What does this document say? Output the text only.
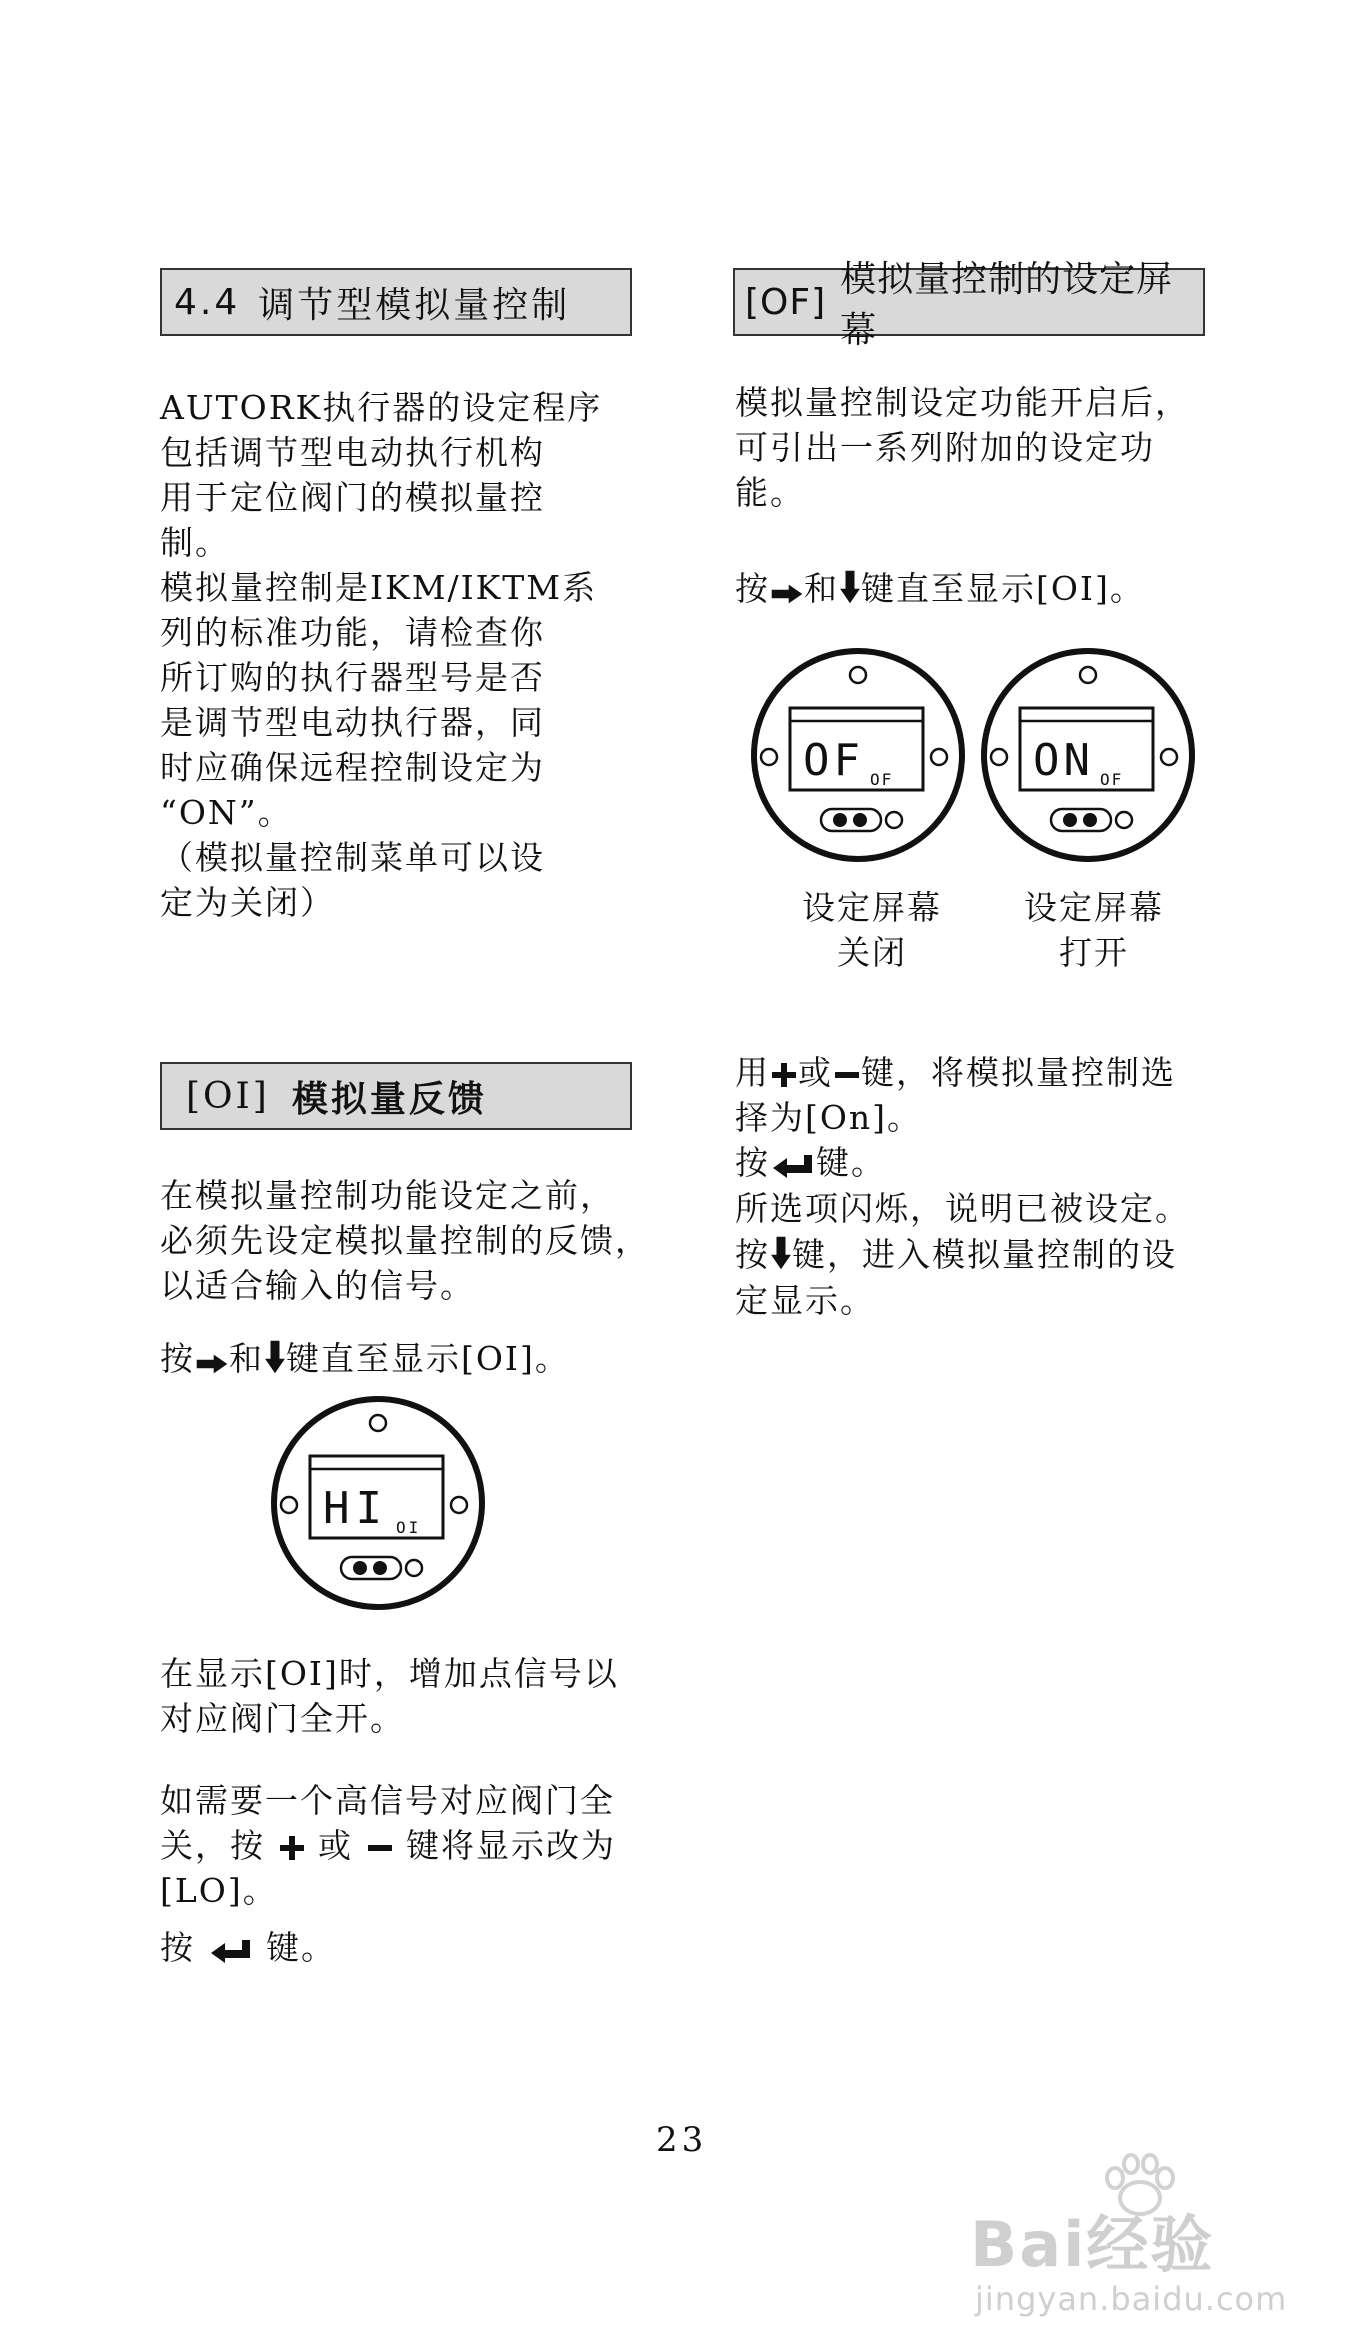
4.4 调节型模拟量控制
AUTORK执行器的设定程序
包括调节型电动执行机构
用于定位阀门的模拟量控
制。
模拟量控制是IKM/IKTM系
列的标准功能，请检查你
所订购的执行器型号是否
是调节型电动执行器，同
时应确保远程控制设定为
“ON”。
（模拟量控制菜单可以设
定为关闭）
[OI] 模拟量反馈
在模拟量控制功能设定之前，
必须先设定模拟量控制的反馈，
以适合输入的信号。
按 和 键直至显示[OI]。
HI OI
在显示[OI]时，增加点信号以
对应阀门全开。
如需要一个高信号对应阀门全
关，按 或 键将显示改为
[LO]。
按 键。
[OF]
模拟量控制的设定屏幕
模拟量控制设定功能开启后，
可引出一系列附加的设定功
能。
按 和 键直至显示[OI]。
OF OF	ON OF
设定屏幕
关闭
设定屏幕
打开
用 或 键，将模拟量控制选
择为[On]。
按 键。
所选项闪烁，说明已被设定。
按 键，进入模拟量控制的设
定显示。
23
Bai经验
jingyan.baidu.com
